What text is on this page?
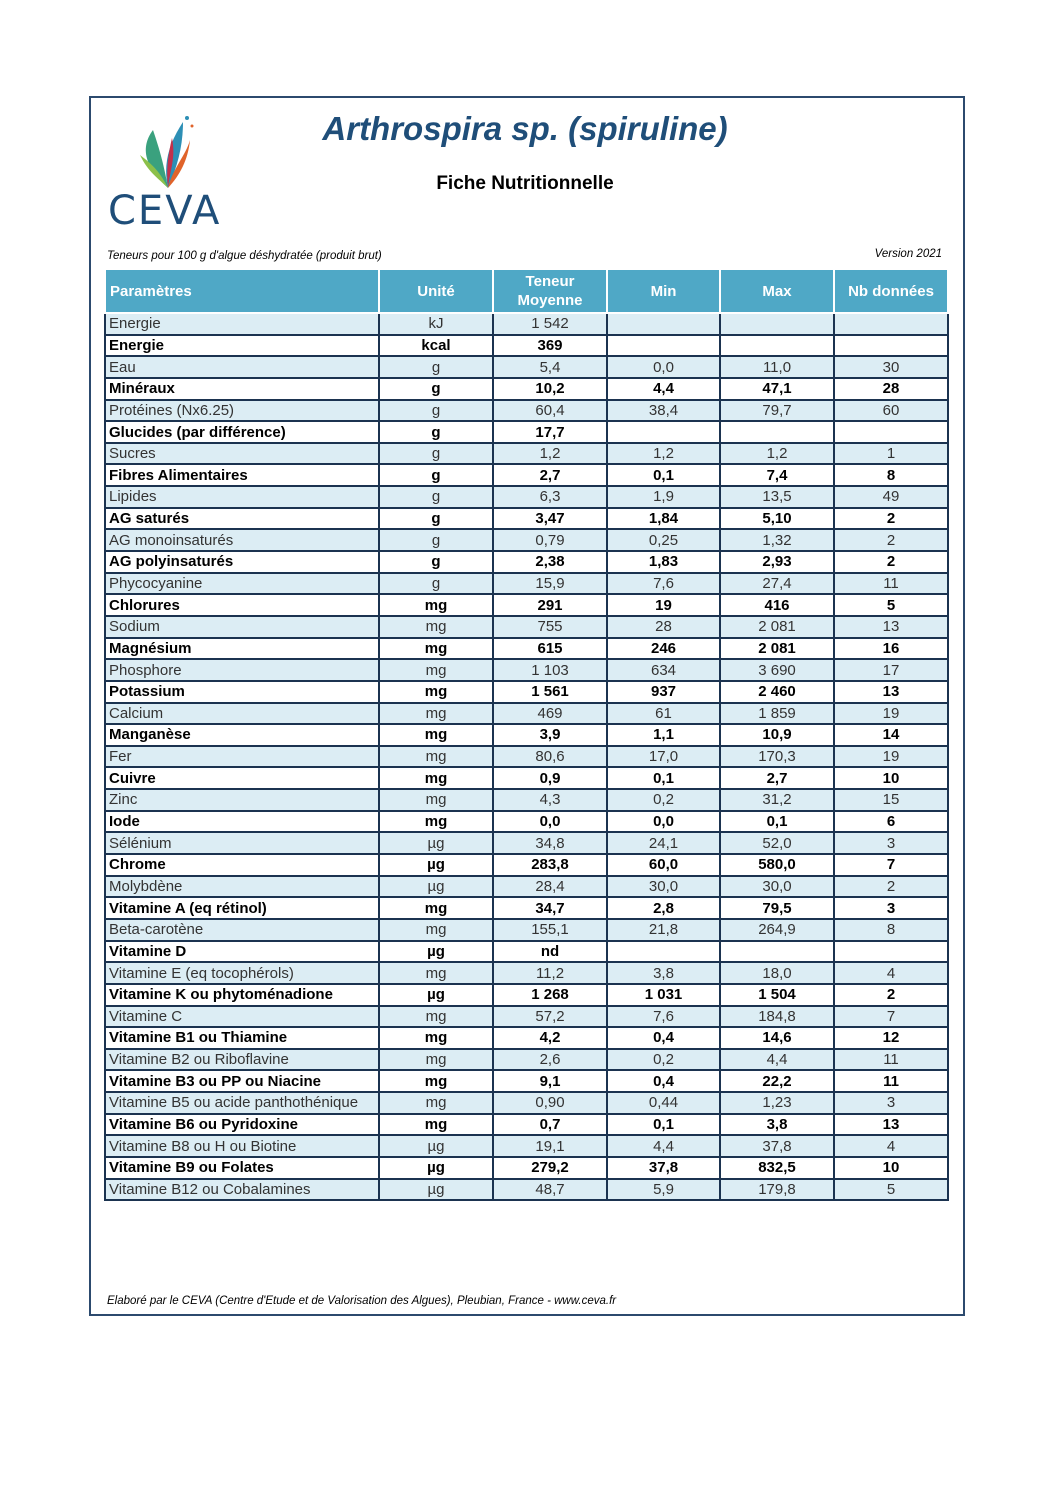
CEVA
Arthrospira sp. (spiruline)
Fiche Nutritionnelle
Teneurs pour 100 g d'algue déshydratée (produit brut)	Version 2021
Paramètres	Unité	Teneur Moyenne	Min	Max	Nb données
Energie	kJ	1 542			
Energie	kcal	369			
Eau	g	5,4	0,0	11,0	30
Minéraux	g	10,2	4,4	47,1	28
Protéines (Nx6.25)	g	60,4	38,4	79,7	60
Glucides (par différence)	g	17,7			
Sucres	g	1,2	1,2	1,2	1
Fibres Alimentaires	g	2,7	0,1	7,4	8
Lipides	g	6,3	1,9	13,5	49
AG saturés	g	3,47	1,84	5,10	2
AG monoinsaturés	g	0,79	0,25	1,32	2
AG polyinsaturés	g	2,38	1,83	2,93	2
Phycocyanine	g	15,9	7,6	27,4	11
Chlorures	mg	291	19	416	5
Sodium	mg	755	28	2 081	13
Magnésium	mg	615	246	2 081	16
Phosphore	mg	1 103	634	3 690	17
Potassium	mg	1 561	937	2 460	13
Calcium	mg	469	61	1 859	19
Manganèse	mg	3,9	1,1	10,9	14
Fer	mg	80,6	17,0	170,3	19
Cuivre	mg	0,9	0,1	2,7	10
Zinc	mg	4,3	0,2	31,2	15
Iode	mg	0,0	0,0	0,1	6
Sélénium	µg	34,8	24,1	52,0	3
Chrome	µg	283,8	60,0	580,0	7
Molybdène	µg	28,4	30,0	30,0	2
Vitamine A (eq rétinol)	mg	34,7	2,8	79,5	3
Beta-carotène	mg	155,1	21,8	264,9	8
Vitamine D	µg	nd			
Vitamine E (eq tocophérols)	mg	11,2	3,8	18,0	4
Vitamine K ou phytoménadione	µg	1 268	1 031	1 504	2
Vitamine C	mg	57,2	7,6	184,8	7
Vitamine B1 ou Thiamine	mg	4,2	0,4	14,6	12
Vitamine B2 ou Riboflavine	mg	2,6	0,2	4,4	11
Vitamine B3 ou PP ou Niacine	mg	9,1	0,4	22,2	11
Vitamine B5 ou acide panthothénique	mg	0,90	0,44	1,23	3
Vitamine B6 ou Pyridoxine	mg	0,7	0,1	3,8	13
Vitamine B8 ou H ou Biotine	µg	19,1	4,4	37,8	4
Vitamine B9 ou Folates	µg	279,2	37,8	832,5	10
Vitamine B12 ou Cobalamines	µg	48,7	5,9	179,8	5
Elaboré par le CEVA (Centre d'Etude et de Valorisation des Algues), Pleubian, France - www.ceva.fr
